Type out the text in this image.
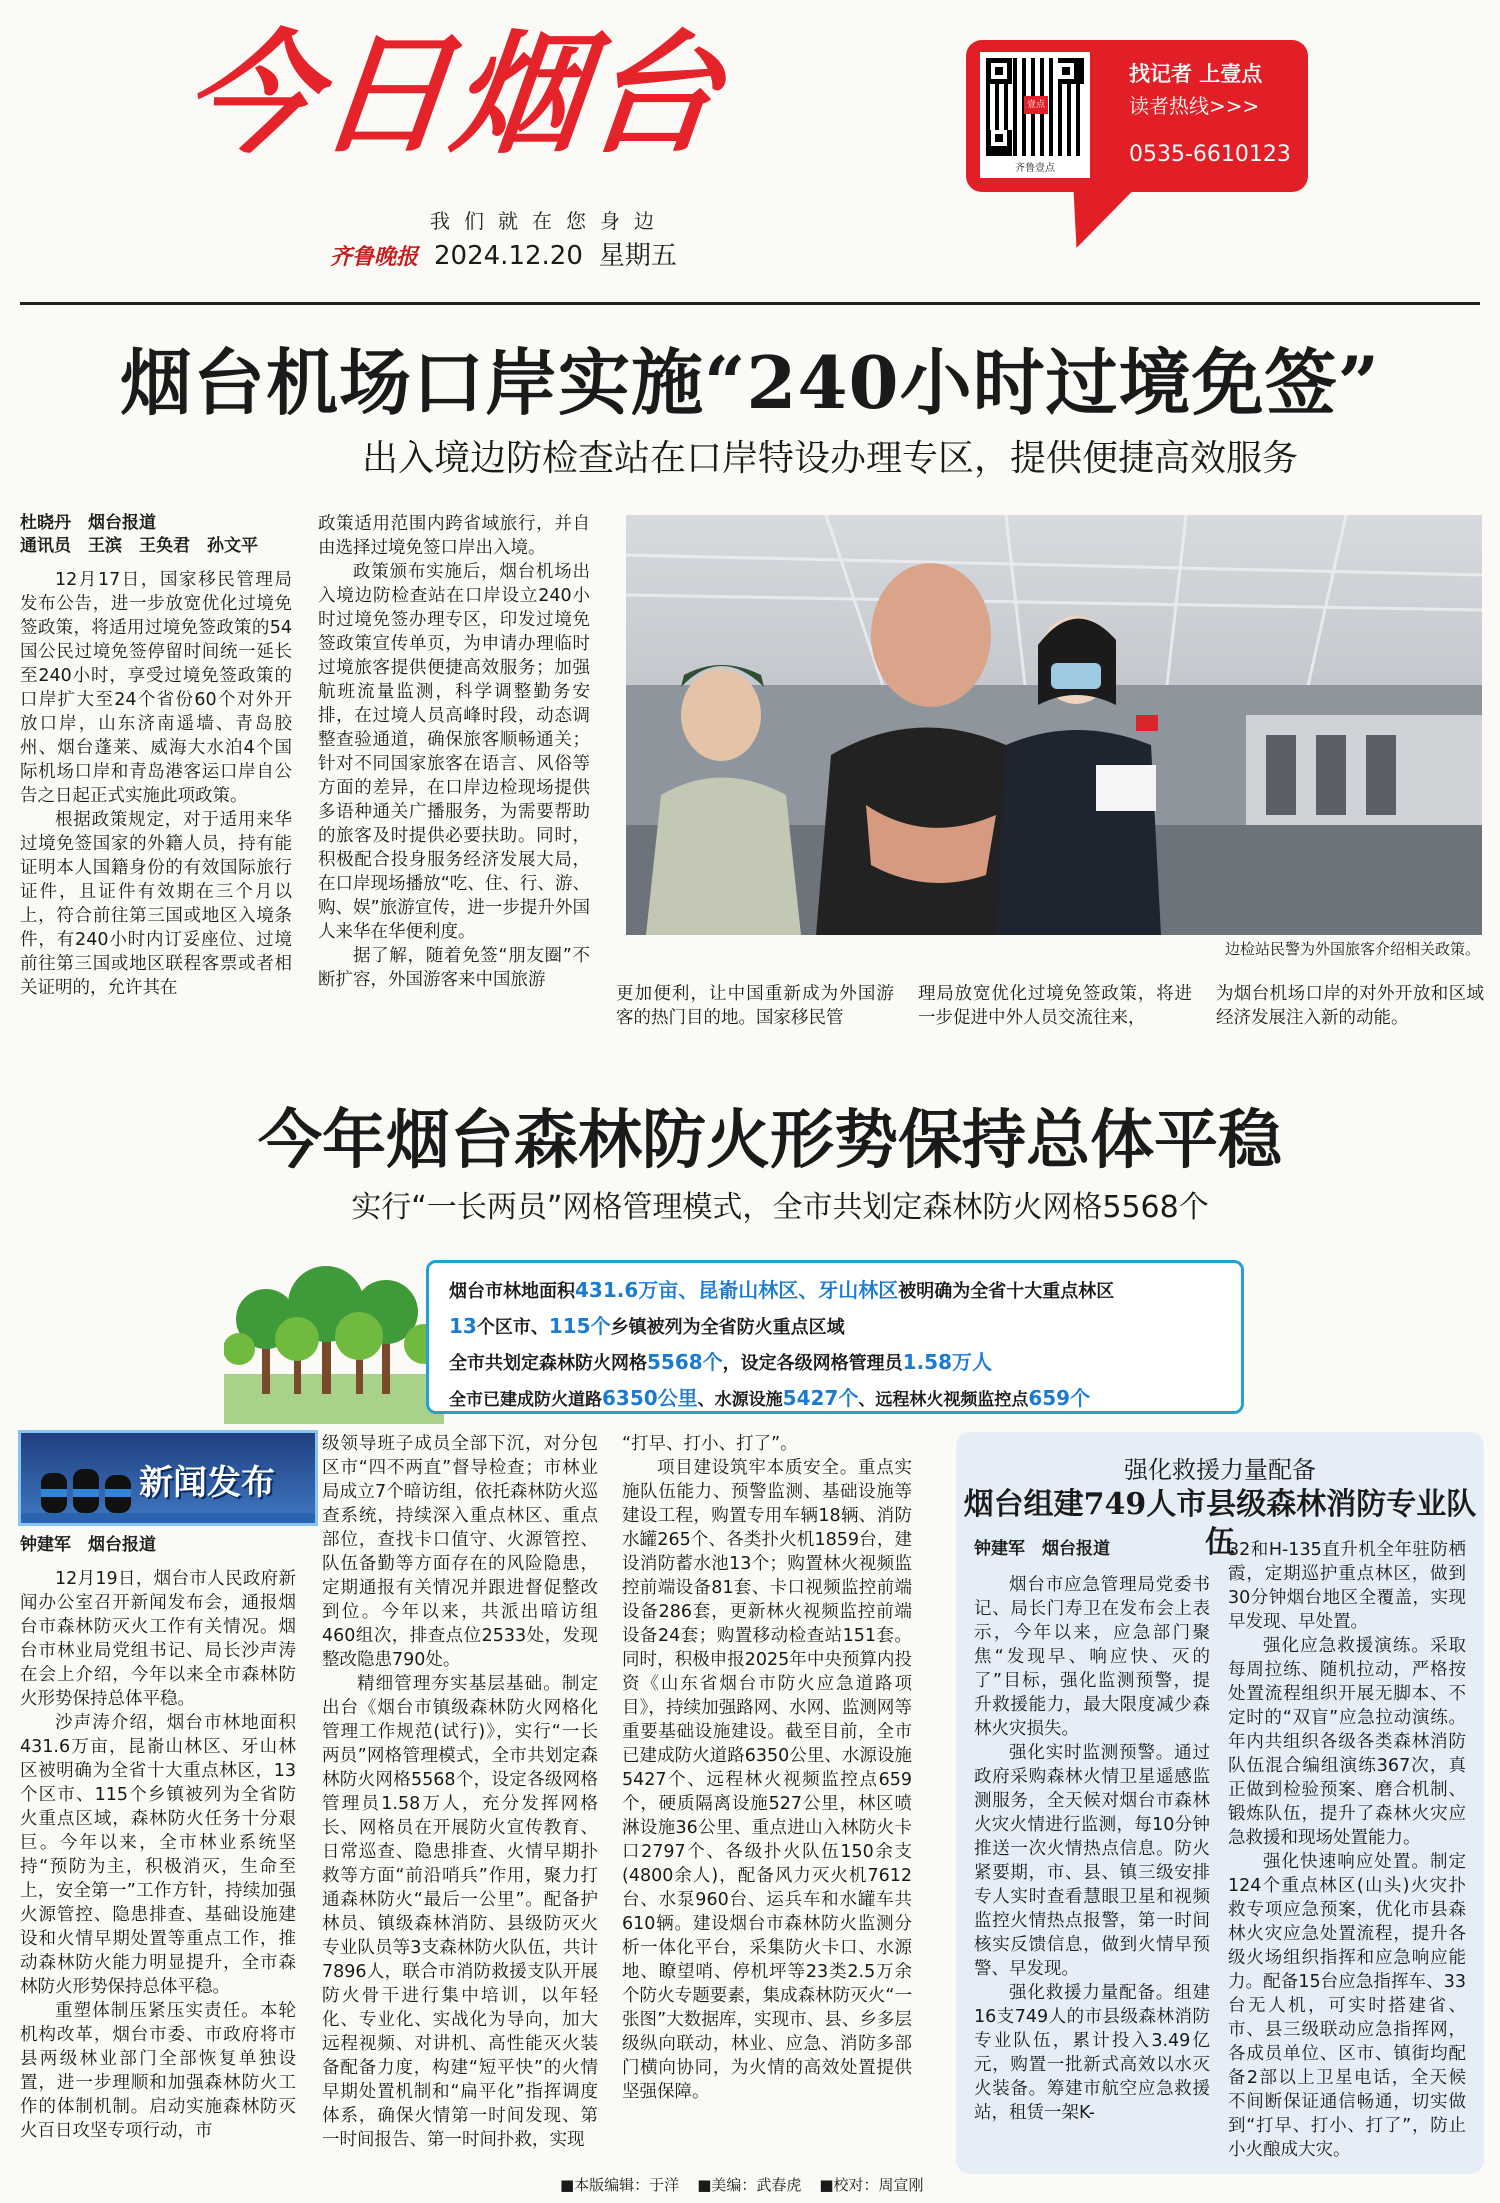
今日烟台
我们就在您身边
齐鲁晚报 2024.12.20 星期五
壹点
齐鲁壹点
找记者 上壹点
读者热线>>>
0535-6610123
烟台机场口岸实施“240小时过境免签”
出入境边防检查站在口岸特设办理专区，提供便捷高效服务
杜晓丹　烟台报道
通讯员　王滨　王奂君　孙文平

12月17日，国家移民管理局发布公告，进一步放宽优化过境免签政策，将适用过境免签政策的54国公民过境免签停留时间统一延长至240小时，享受过境免签政策的口岸扩大至24个省份60个对外开放口岸，山东济南遥墙、青岛胶州、烟台蓬莱、威海大水泊4个国际机场口岸和青岛港客运口岸自公告之日起正式实施此项政策。

根据政策规定，对于适用来华过境免签国家的外籍人员，持有能证明本人国籍身份的有效国际旅行证件，且证件有效期在三个月以上，符合前往第三国或地区入境条件，有240小时内订妥座位、过境前往第三国或地区联程客票或者相关证明的，允许其在

政策适用范围内跨省域旅行，并自由选择过境免签口岸出入境。

政策颁布实施后，烟台机场出入境边防检查站在口岸设立240小时过境免签办理专区，印发过境免签政策宣传单页，为申请办理临时过境旅客提供便捷高效服务；加强航班流量监测，科学调整勤务安排，在过境人员高峰时段，动态调整查验通道，确保旅客顺畅通关；针对不同国家旅客在语言、风俗等方面的差异，在口岸边检现场提供多语种通关广播服务，为需要帮助的旅客及时提供必要扶助。同时，积极配合投身服务经济发展大局，在口岸现场播放“吃、住、行、游、购、娱”旅游宣传，进一步提升外国人来华在华便利度。

据了解，随着免签“朋友圈”不断扩容，外国游客来中国旅游

边检站民警为外国旅客介绍相关政策。

更加便利，让中国重新成为外国游客的热门目的地。国家移民管

理局放宽优化过境免签政策，将进一步促进中外人员交流往来，

为烟台机场口岸的对外开放和区域经济发展注入新的动能。

今年烟台森林防火形势保持总体平稳
实行“一长两员”网格管理模式，全市共划定森林防火网格5568个
烟台市林地面积431.6万亩、昆嵛山林区、牙山林区被明确为全省十大重点林区
13个区市、115个乡镇被列为全省防火重点区域
全市共划定森林防火网格5568个，设定各级网格管理员1.58万人
全市已建成防火道路6350公里、水源设施5427个、远程林火视频监控点659个
新闻发布
钟建军　烟台报道

12月19日，烟台市人民政府新闻办公室召开新闻发布会，通报烟台市森林防灭火工作有关情况。烟台市林业局党组书记、局长沙声涛在会上介绍，今年以来全市森林防火形势保持总体平稳。

沙声涛介绍，烟台市林地面积431.6万亩，昆嵛山林区、牙山林区被明确为全省十大重点林区，13个区市、115个乡镇被列为全省防火重点区域，森林防火任务十分艰巨。今年以来，全市林业系统坚持“预防为主，积极消灭，生命至上，安全第一”工作方针，持续加强火源管控、隐患排查、基础设施建设和火情早期处置等重点工作，推动森林防火能力明显提升，全市森林防火形势保持总体平稳。

重塑体制压紧压实责任。本轮机构改革，烟台市委、市政府将市县两级林业部门全部恢复单独设置，进一步理顺和加强森林防火工作的体制机制。启动实施森林防灭火百日攻坚专项行动，市

级领导班子成员全部下沉，对分包区市“四不两直”督导检查；市林业局成立7个暗访组，依托森林防火巡查系统，持续深入重点林区、重点部位，查找卡口值守、火源管控、队伍备勤等方面存在的风险隐患，定期通报有关情况并跟进督促整改到位。今年以来，共派出暗访组460组次，排查点位2533处，发现整改隐患790处。

精细管理夯实基层基础。制定出台《烟台市镇级森林防火网格化管理工作规范(试行)》，实行“一长两员”网格管理模式，全市共划定森林防火网格5568个，设定各级网格管理员1.58万人，充分发挥网格长、网格员在开展防火宣传教育、日常巡查、隐患排查、火情早期扑救等方面“前沿哨兵”作用，聚力打通森林防火“最后一公里”。配备护林员、镇级森林消防、县级防灭火专业队员等3支森林防火队伍，共计7896人，联合市消防救援支队开展防火骨干进行集中培训，以年轻化、专业化、实战化为导向，加大远程视频、对讲机、高性能灭火装备配备力度，构建“短平快”的火情早期处置机制和“扁平化”指挥调度体系，确保火情第一时间发现、第一时间报告、第一时间扑救，实现

“打早、打小、打了”。

项目建设筑牢本质安全。重点实施队伍能力、预警监测、基础设施等建设工程，购置专用车辆18辆、消防水罐265个、各类扑火机1859台，建设消防蓄水池13个；购置林火视频监控前端设备81套、卡口视频监控前端设备286套，更新林火视频监控前端设备24套；购置移动检查站151套。同时，积极申报2025年中央预算内投资《山东省烟台市防火应急道路项目》，持续加强路网、水网、监测网等重要基础设施建设。截至目前，全市已建成防火道路6350公里、水源设施5427个、远程林火视频监控点659个，硬质隔离设施527公里，林区喷淋设施36公里、重点进山入林防火卡口2797个、各级扑火队伍150余支(4800余人)，配备风力灭火机7612台、水泵960台、运兵车和水罐车共610辆。建设烟台市森林防火监测分析一体化平台，采集防火卡口、水源地、瞭望哨、停机坪等23类2.5万余个防火专题要素，集成森林防灭火“一张图”大数据库，实现市、县、乡多层级纵向联动，林业、应急、消防多部门横向协同，为火情的高效处置提供坚强保障。

强化救援力量配备
烟台组建749人市县级森林消防专业队伍
钟建军　烟台报道

烟台市应急管理局党委书记、局长门寿卫在发布会上表示，今年以来，应急部门聚焦“发现早、响应快、灭的了”目标，强化监测预警，提升救援能力，最大限度减少森林火灾损失。

强化实时监测预警。通过政府采购森林火情卫星遥感监测服务，全天候对烟台市森林火灾火情进行监测，每10分钟推送一次火情热点信息。防火紧要期，市、县、镇三级安排专人实时查看慧眼卫星和视频监控火情热点报警，第一时间核实反馈信息，做到火情早预警、早发现。

强化救援力量配备。组建16支749人的市县级森林消防专业队伍，累计投入3.49亿元，购置一批新式高效以水灭火装备。筹建市航空应急救援站，租赁一架K-

32和H-135直升机全年驻防栖霞，定期巡护重点林区，做到30分钟烟台地区全覆盖，实现早发现、早处置。

强化应急救援演练。采取每周拉练、随机拉动，严格按处置流程组织开展无脚本、不定时的“双盲”应急拉动演练。年内共组织各级各类森林消防队伍混合编组演练367次，真正做到检验预案、磨合机制、锻炼队伍，提升了森林火灾应急救援和现场处置能力。

强化快速响应处置。制定124个重点林区(山头)火灾扑救专项应急预案，优化市县森林火灾应急处置流程，提升各级火场组织指挥和应急响应能力。配备15台应急指挥车、33台无人机，可实时搭建省、市、县三级联动应急指挥网，各成员单位、区市、镇街均配备2部以上卫星电话，全天候不间断保证通信畅通，切实做到“打早、打小、打了”，防止小火酿成大灾。

■本版编辑：于洋 ■美编：武春虎 ■校对：周宣刚
